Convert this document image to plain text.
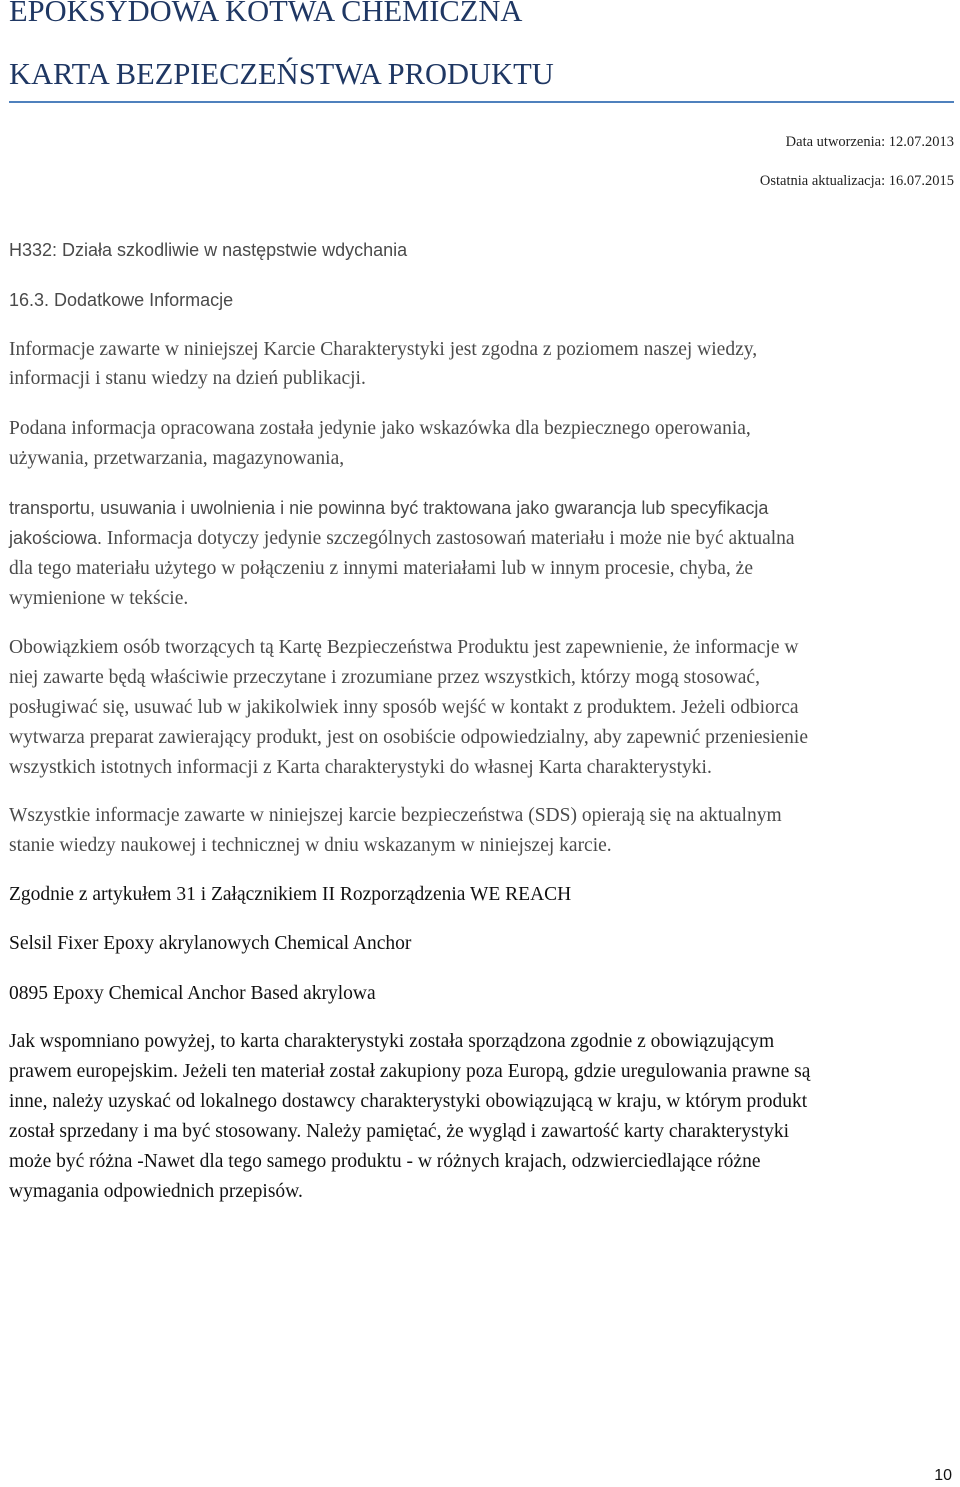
EPOKSYDOWA KOTWA CHEMICZNA
KARTA BEZPIECZEŃSTWA PRODUKTU
Data utworzenia: 12.07.2013
Ostatnia aktualizacja: 16.07.2015
H332: Działa szkodliwie w następstwie wdychania
16.3. Dodatkowe Informacje
Informacje zawarte w niniejszej Karcie Charakterystyki jest zgodna z poziomem naszej wiedzy,
informacji i stanu wiedzy na dzień publikacji.
Podana informacja opracowana została jedynie jako wskazówka dla bezpiecznego operowania,
używania, przetwarzania, magazynowania,
transportu, usuwania i uwolnienia i nie powinna być traktowana jako gwarancja lub specyfikacja
jakościowa. Informacja dotyczy jedynie szczególnych zastosowań materiału i może nie być aktualna
dla tego materiału użytego w połączeniu z innymi materiałami lub w innym procesie, chyba, że
wymienione w tekście.
Obowiązkiem osób tworzących tą Kartę Bezpieczeństwa Produktu jest zapewnienie, że informacje w
niej zawarte będą właściwie przeczytane i zrozumiane przez wszystkich, którzy mogą stosować,
posługiwać się, usuwać lub w jakikolwiek inny sposób wejść w kontakt z produktem. Jeżeli odbiorca
wytwarza preparat zawierający produkt, jest on osobiście odpowiedzialny, aby zapewnić przeniesienie
wszystkich istotnych informacji z Karta charakterystyki do własnej Karta charakterystyki.
Wszystkie informacje zawarte w niniejszej karcie bezpieczeństwa (SDS) opierają się na aktualnym
stanie wiedzy naukowej i technicznej w dniu wskazanym w niniejszej karcie.
Zgodnie z artykułem 31 i Załącznikiem II Rozporządzenia WE REACH
Selsil Fixer Epoxy akrylanowych Chemical Anchor
0895 Epoxy Chemical Anchor Based akrylowa
Jak wspomniano powyżej, to karta charakterystyki została sporządzona zgodnie z obowiązującym
prawem europejskim. Jeżeli ten materiał został zakupiony poza Europą, gdzie uregulowania prawne są
inne, należy uzyskać od lokalnego dostawcy charakterystyki obowiązującą w kraju, w którym produkt
został sprzedany i ma być stosowany. Należy pamiętać, że wygląd i zawartość karty charakterystyki
może być różna -Nawet dla tego samego produktu - w różnych krajach, odzwierciedlające różne
wymagania odpowiednich przepisów.
10
